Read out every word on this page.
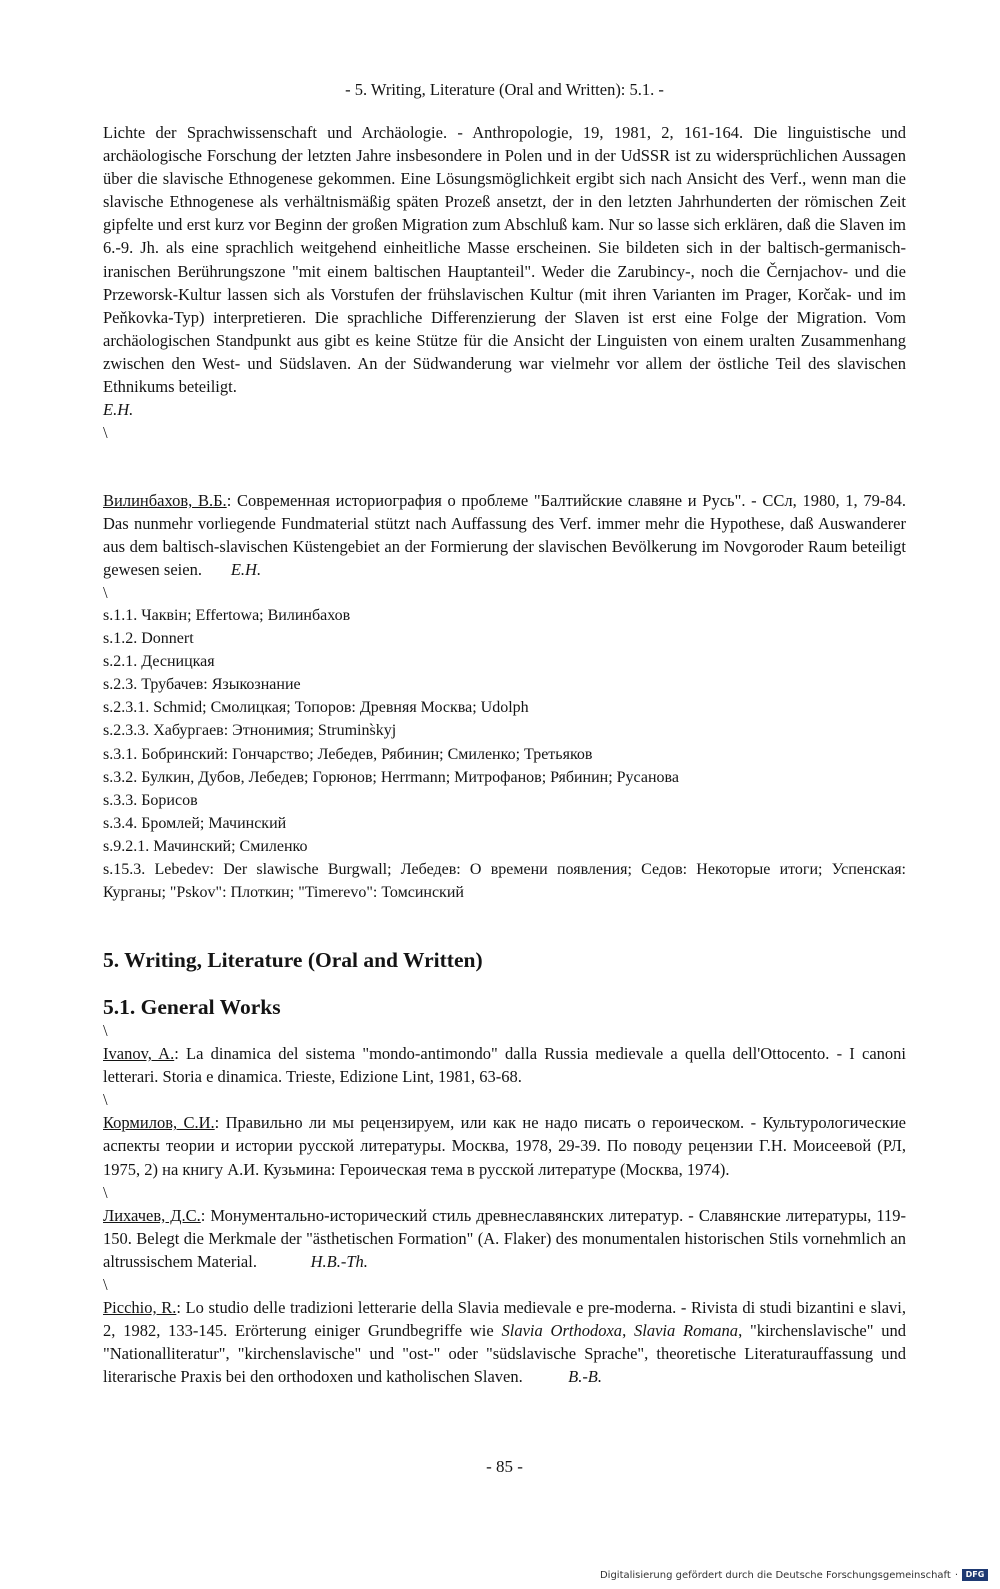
- 5. Writing, Literature (Oral and Written): 5.1. -
Lichte der Sprachwissenschaft und Archäologie. - Anthropologie, 19, 1981, 2, 161-164. Die linguistische und archäologische Forschung der letzten Jahre insbesondere in Polen und in der UdSSR ist zu widersprüchlichen Aussagen über die slavische Ethnogenese gekommen. Eine Lösungsmöglichkeit ergibt sich nach Ansicht des Verf., wenn man die slavische Ethnogenese als verhältnismäßig späten Prozeß ansetzt, der in den letzten Jahrhunderten der römischen Zeit gipfelte und erst kurz vor Beginn der großen Migration zum Abschluß kam. Nur so lasse sich erklären, daß die Slaven im 6.-9. Jh. als eine sprachlich weitgehend einheitliche Masse erscheinen. Sie bildeten sich in der baltisch-germanisch-iranischen Berührungszone "mit einem baltischen Hauptanteil". Weder die Zarubincy-, noch die Černjachov- und die Przeworsk-Kultur lassen sich als Vorstufen der frühslavischen Kultur (mit ihren Varianten im Prager, Korčak- und im Peňkovka-Typ) interpretieren. Die sprachliche Differenzierung der Slaven ist erst eine Folge der Migration. Vom archäologischen Standpunkt aus gibt es keine Stütze für die Ansicht der Linguisten von einem uralten Zusammenhang zwischen den West- und Südslaven. An der Südwanderung war vielmehr vor allem der östliche Teil des slavischen Ethnikums beteiligt.
E.H.
\
Вилинбахов, В.Б.: Современная историография о проблеме "Балтийские славяне и Русь". - ССл, 1980, 1, 79-84. Das nunmehr vorliegende Fundmaterial stützt nach Auffassung des Verf. immer mehr die Hypothese, daß Auswanderer aus dem baltisch-slavischen Küstengebiet an der Formierung der slavischen Bevölkerung im Novgoroder Raum beteiligt gewesen seien. E.H.
\
s.1.1. Чаквін; Effertowa; Вилинбахов
s.1.2. Donnert
s.2.1. Десницкая
s.2.3. Трубачев: Языкознание
s.2.3.1. Schmid; Смолицкая; Топоров: Древняя Москва; Udolph
s.2.3.3. Хабургаев: Этнонимия; Strumins̀kyj
s.3.1. Бобринский: Гончарство; Лебедев, Рябинин; Смиленко; Третьяков
s.3.2. Булкин, Дубов, Лебедев; Горюнов; Herrmann; Митрофанов; Рябинин; Русанова
s.3.3. Борисов
s.3.4. Бромлей; Мачинский
s.9.2.1. Мачинский; Смиленко
s.15.3. Lebedev: Der slawische Burgwall; Лебедев: О времени появления; Седов: Некоторые итоги; Успенская: Курганы; "Pskov": Плоткин; "Timerevo": Томсинский
5. Writing, Literature (Oral and Written)
5.1. General Works
\
Ivanov, A.: La dinamica del sistema "mondo-antimondo" dalla Russia medievale a quella dell'Ottocento. - I canoni letterari. Storia e dinamica. Trieste, Edizione Lint, 1981, 63-68.
\
Кормилов, С.И.: Правильно ли мы рецензируем, или как не надо писать о героическом. - Культурологические аспекты теории и истории русской литературы. Москва, 1978, 29-39. По поводу рецензии Г.Н. Моисеевой (РЛ, 1975, 2) на книгу А.И. Кузьмина: Героическая тема в русской литературе (Москва, 1974).
\
Лихачев, Д.С.: Монументально-исторический стиль древнеславянских литератур. - Славянские литературы, 119-150. Belegt die Merkmale der "ästhetischen Formation" (A. Flaker) des monumentalen historischen Stils vornehmlich an altrussischem Material.	H.B.-Th.
\
Picchio, R.: Lo studio delle tradizioni letterarie della Slavia medievale e pre-moderna. - Rivista di studi bizantini e slavi, 2, 1982, 133-145. Erörterung einiger Grundbegriffe wie Slavia Orthodoxa, Slavia Romana, "kirchenslavische" und "Nationalliteratur", "kirchenslavische" und "ost-" oder "südslavische Sprache", theoretische Literaturauffassung und literarische Praxis bei den orthodoxen und katholischen Slaven.	B.-B.
- 85 -
Digitalisierung gefördert durch die Deutsche Forschungsgemeinschaft · DFG
